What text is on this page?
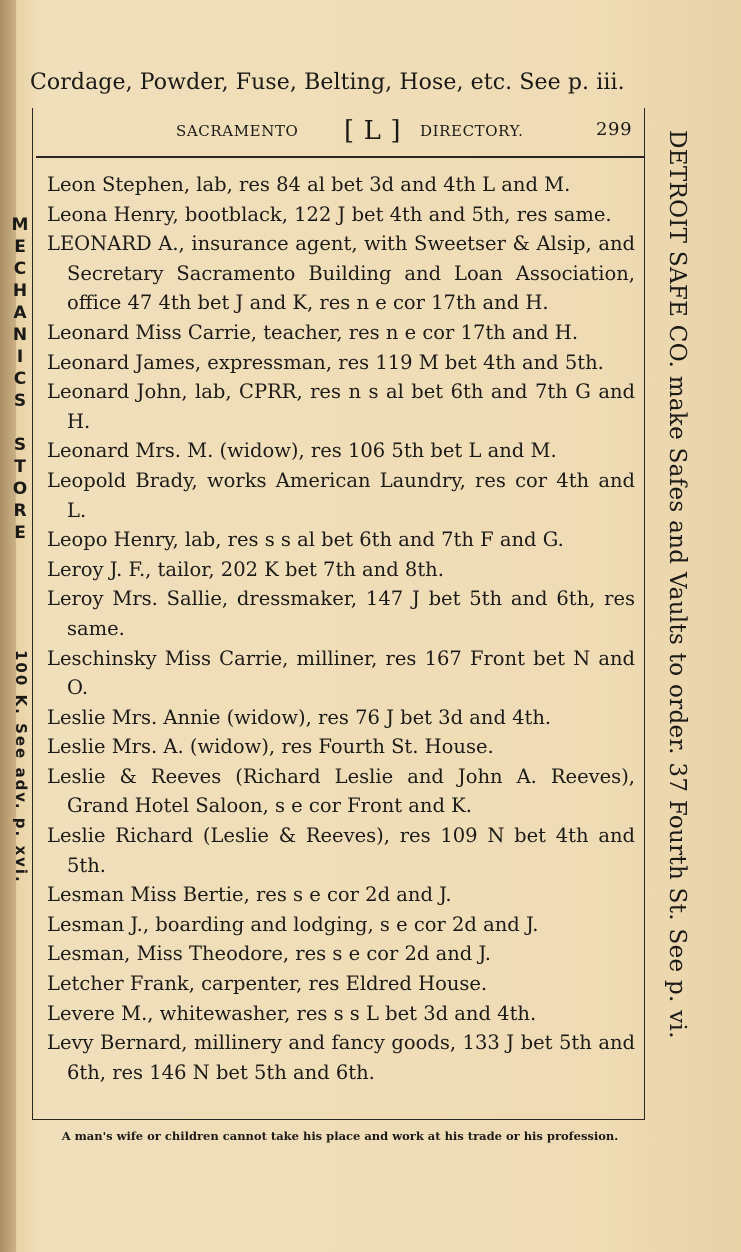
Cordage, Powder, Fuse, Belting, Hose, etc. See p. iii.
SACRAMENTO [ L ] DIRECTORY.	299

Leon Stephen, lab, res 84 al bet 3d and 4th L and M.

Leona Henry, bootblack, 122 J bet 4th and 5th, res same.

LEONARD A., insurance agent, with Sweetser & Alsip, and Secretary Sacramento Building and Loan Association, office 47 4th bet J and K, res n e cor 17th and H.

Leonard Miss Carrie, teacher, res n e cor 17th and H.

Leonard James, expressman, res 119 M bet 4th and 5th.

Leonard John, lab, CPRR, res n s al bet 6th and 7th G and H.

Leonard Mrs. M. (widow), res 106 5th bet L and M.

Leopold Brady, works American Laundry, res cor 4th and L.

Leopo Henry, lab, res s s al bet 6th and 7th F and G.

Leroy J. F., tailor, 202 K bet 7th and 8th.

Leroy Mrs. Sallie, dressmaker, 147 J bet 5th and 6th, res same.

Leschinsky Miss Carrie, milliner, res 167 Front bet N and O.

Leslie Mrs. Annie (widow), res 76 J bet 3d and 4th.

Leslie Mrs. A. (widow), res Fourth St. House.

Leslie & Reeves (Richard Leslie and John A. Reeves), Grand Hotel Saloon, s e cor Front and K.

Leslie Richard (Leslie & Reeves), res 109 N bet 4th and 5th.

Lesman Miss Bertie, res s e cor 2d and J.

Lesman J., boarding and lodging, s e cor 2d and J.

Lesman, Miss Theodore, res s e cor 2d and J.

Letcher Frank, carpenter, res Eldred House.

Levere M., whitewasher, res s s L bet 3d and 4th.

Levy Bernard, millinery and fancy goods, 133 J bet 5th and 6th, res 146 N bet 5th and 6th.

DETROIT SAFE CO. make Safes and Vaults to order. 37 Fourth St. See p. vi.
MECHANICS STORE
100 K. See adv. p. xvi.
A man's wife or children cannot take his place and work at his trade or his profession.
